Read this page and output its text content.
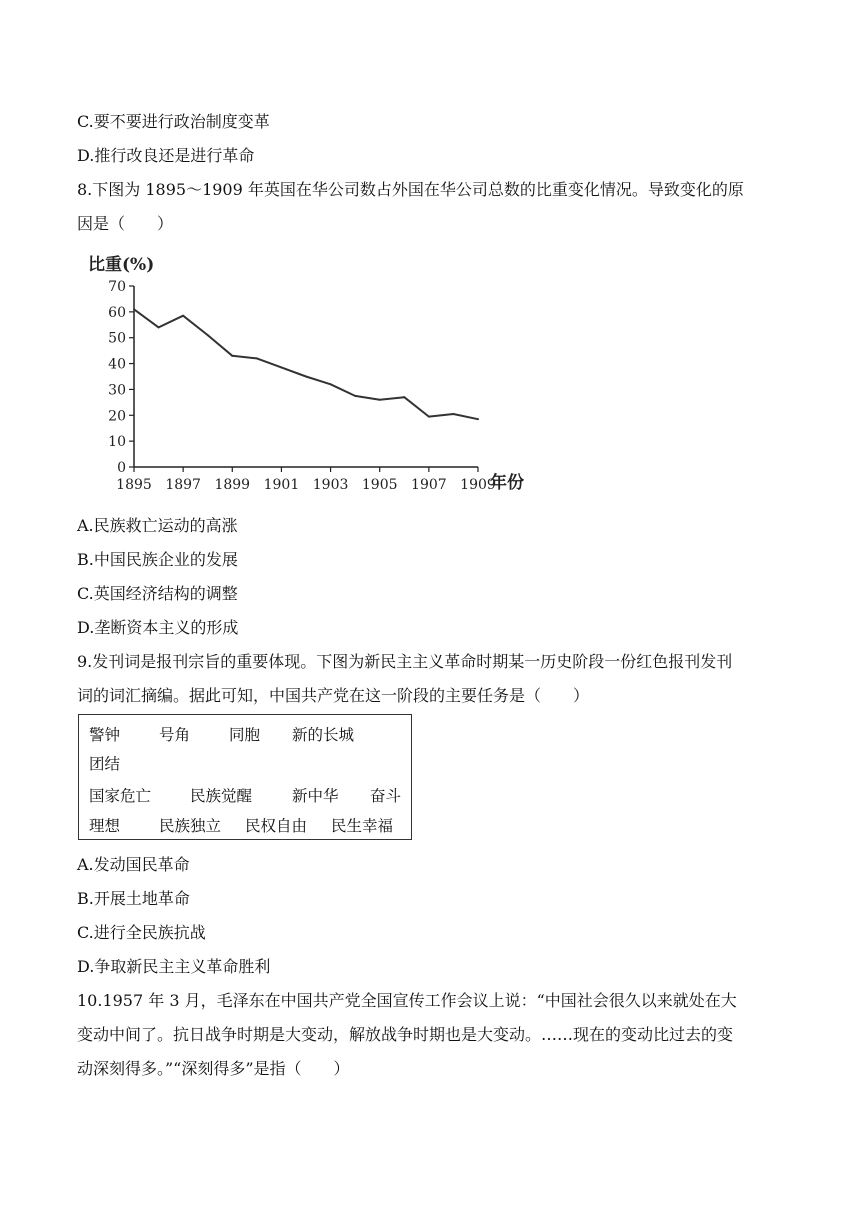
C.要不要进行政治制度变革
D.推行改良还是进行革命
8.下图为 1895～1909 年英国在华公司数占外国在华公司总数的比重变化情况。导致变化的原
因是（　　）
比重(%)
0
10
20
30
40
50
60
70
1895 1897 1899 1901 1903 1905 1907 1909
年份
A.民族救亡运动的高涨
B.中国民族企业的发展
C.英国经济结构的调整
D.垄断资本主义的形成
9.发刊词是报刊宗旨的重要体现。下图为新民主主义革命时期某一历史阶段一份红色报刊发刊
词的词汇摘编。据此可知，中国共产党在这一阶段的主要任务是（　　）
警钟	号角	同胞 新的长城
团结
国家危亡	民族觉醒	新中华 奋斗
理想	民族独立 民权自由 民生幸福
A.发动国民革命
B.开展土地革命
C.进行全民族抗战
D.争取新民主主义革命胜利
10.1957 年 3 月，毛泽东在中国共产党全国宣传工作会议上说：“中国社会很久以来就处在大
变动中间了。抗日战争时期是大变动，解放战争时期也是大变动。……现在的变动比过去的变
动深刻得多。”“深刻得多”是指（　　）
